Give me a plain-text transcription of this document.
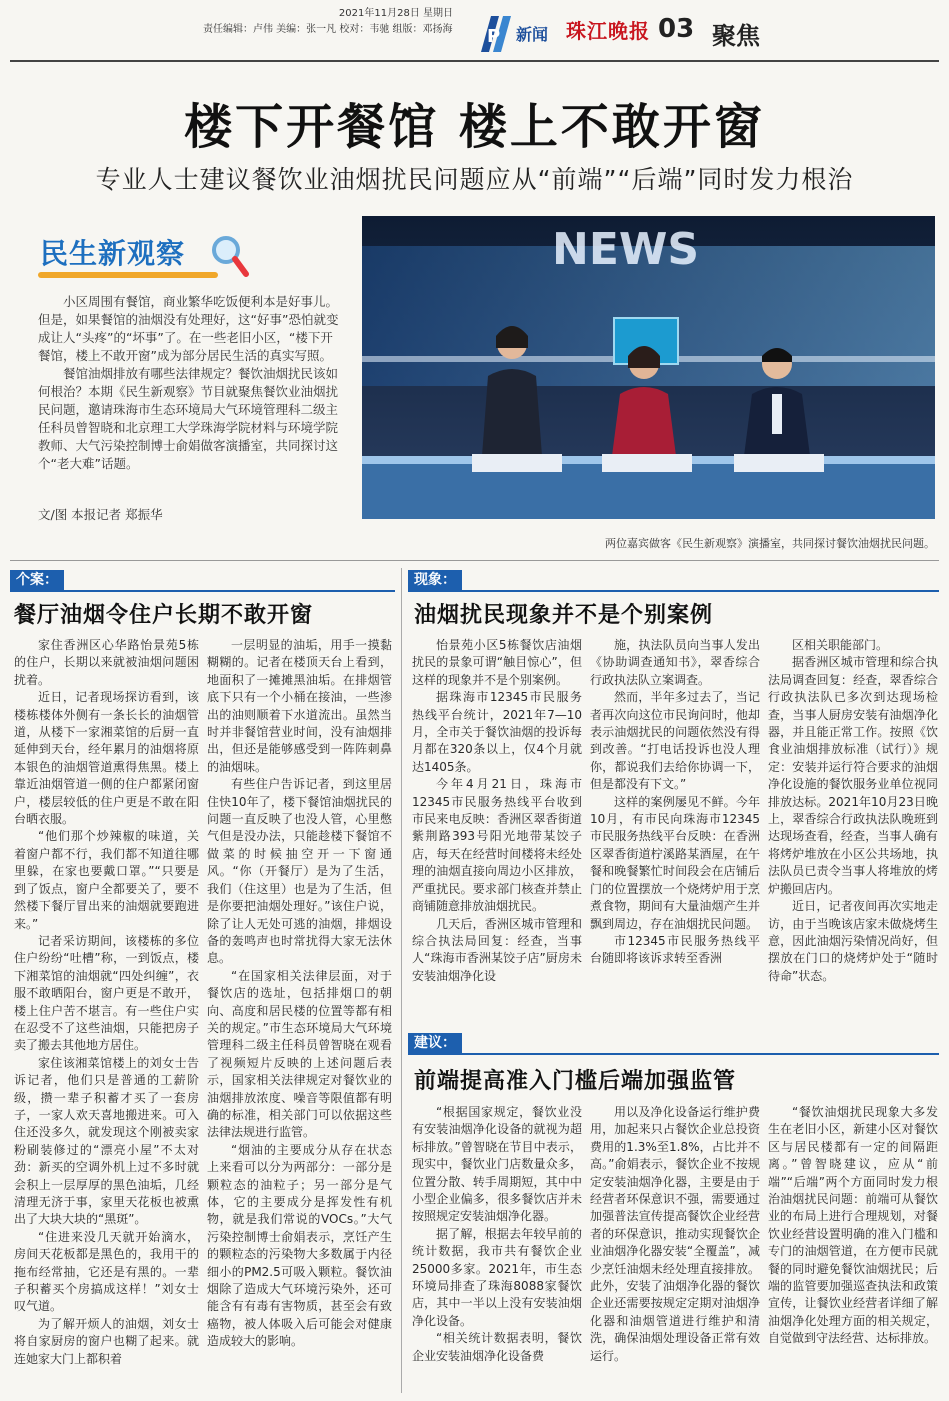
2021年11月28日 星期日
责任编辑：卢伟 美编：张一凡 校对：韦驰 组版：邓扬海 P 新闻 珠江晚报 03 聚焦
楼下开餐馆 楼上不敢开窗
专业人士建议餐饮业油烟扰民问题应从“前端”“后端”同时发力根治
民生新观察

小区周围有餐馆，商业繁华吃饭便利本是好事儿。但是，如果餐馆的油烟没有处理好，这“好事”恐怕就变成让人“头疼”的“坏事”了。在一些老旧小区，“楼下开餐馆，楼上不敢开窗”成为部分居民生活的真实写照。

餐馆油烟排放有哪些法律规定？餐饮油烟扰民该如何根治？本期《民生新观察》节目就聚焦餐饮业油烟扰民问题，邀请珠海市生态环境局大气环境管理科二级主任科员曾智晓和北京理工大学珠海学院材料与环境学院教师、大气污染控制博士俞娟做客演播室，共同探讨这个“老大难”话题。

文/图 本报记者 郑振华
NEWS
两位嘉宾做客《民生新观察》演播室，共同探讨餐饮油烟扰民问题。
个案：
餐厅油烟令住户长期不敢开窗

家住香洲区心华路怡景苑5栋的住户，长期以来就被油烟问题困扰着。

近日，记者现场探访看到，该楼栋楼体外侧有一条长长的油烟管道，从楼下一家湘菜馆的后厨一直延伸到天台，经年累月的油烟将原本银色的油烟管道熏得焦黑。楼上靠近油烟管道一侧的住户都紧闭窗户，楼层较低的住户更是不敢在阳台晒衣服。

“他们那个炒辣椒的味道，关着窗户都不行，我们都不知道往哪里躲，在家也要戴口罩。”“只要是到了饭点，窗户全都要关了，要不然楼下餐厅冒出来的油烟就要跑进来。”

记者采访期间，该楼栋的多位住户纷纷“吐槽”称，一到饭点，楼下湘菜馆的油烟就“四处纠缠”，衣服不敢晒阳台，窗户更是不敢开，楼上住户苦不堪言。有一些住户实在忍受不了这些油烟，只能把房子卖了搬去其他地方居住。

家住该湘菜馆楼上的刘女士告诉记者，他们只是普通的工薪阶级，攒一辈子积蓄才买了一套房子，一家人欢天喜地搬进来。可入住还没多久，就发现这个刚被卖家粉刷装修过的“漂亮小屋”不太对劲：新买的空调外机上过不多时就会积上一层厚厚的黑色油垢，几经清理无济于事，家里天花板也被熏出了大块大块的“黑斑”。

“住进来没几天就开始滴水，房间天花板都是黑色的，我用干的拖布经常抽，它还是有黑的。一辈子积蓄买个房搞成这样！”刘女士叹气道。

为了解开烦人的油烟，刘女士将自家厨房的窗户也糊了起来。就连她家大门上都积着

一层明显的油垢，用手一摸黏糊糊的。记者在楼顶天台上看到，地面积了一摊摊黑油垢。在排烟管底下只有一个小桶在接油，一些渗出的油则顺着下水道流出。虽然当时并非餐馆营业时间，没有油烟排出，但还是能够感受到一阵阵刺鼻的油烟味。

有些住户告诉记者，到这里居住快10年了，楼下餐馆油烟扰民的问题一直反映了也没人管，心里憋气但是没办法，只能趁楼下餐馆不做菜的时候抽空开一下窗通风。“你（开餐厅）是为了生活，我们（住这里）也是为了生活，但是你要把油烟处理好。”该住户说，除了让人无处可逃的油烟，排烟设备的轰鸣声也时常扰得大家无法休息。

“在国家相关法律层面，对于餐饮店的选址，包括排烟口的朝向、高度和居民楼的位置等都有相关的规定。”市生态环境局大气环境管理科二级主任科员曾智晓在观看了视频短片反映的上述问题后表示，国家相关法律规定对餐饮业的油烟排放浓度、噪音等限值都有明确的标准，相关部门可以依据这些法律法规进行监管。

“烟油的主要成分从存在状态上来看可以分为两部分：一部分是颗粒态的油粒子；另一部分是气体，它的主要成分是挥发性有机物，就是我们常说的VOCs。”大气污染控制博士俞娟表示，烹饪产生的颗粒态的污染物大多数属于内径细小的PM2.5可吸入颗粒。餐饮油烟除了造成大气环境污染外，还可能含有有毒有害物质，甚至会有致癌物，被人体吸入后可能会对健康造成较大的影响。

现象：
油烟扰民现象并不是个别案例

怡景苑小区5栋餐饮店油烟扰民的景象可谓“触目惊心”，但这样的现象并不是个别案例。

据珠海市12345市民服务热线平台统计，2021年7—10月，全市关于餐饮油烟的投诉每月都在320条以上，仅4个月就达1405条。

今年4月21日，珠海市12345市民服务热线平台收到市民来电反映：香洲区翠香街道紫荆路393号阳光地带某饺子店，每天在经营时间楼将未经处理的油烟直接向周边小区排放，严重扰民。要求部门核查并禁止商铺随意排放油烟扰民。

几天后，香洲区城市管理和综合执法局回复：经查，当事人“珠海市香洲某饺子店”厨房未安装油烟净化设

施，执法队员向当事人发出《协助调查通知书》，翠香综合行政执法队立案调查。

然而，半年多过去了，当记者再次向这位市民询问时，他却表示油烟扰民的问题依然没有得到改善。“打电话投诉也没人理你，都说我们去给你协调一下，但是都没有下文。”

这样的案例屡见不鲜。今年10月，有市民向珠海市12345市民服务热线平台反映：在香洲区翠香街道柠溪路某酒屋，在午餐和晚餐繁忙时间段会在店铺后门的位置摆放一个烧烤炉用于烹煮食物，期间有大量油烟产生并飘到周边，存在油烟扰民问题。

市12345市民服务热线平台随即将该诉求转至香洲

区相关职能部门。

据香洲区城市管理和综合执法局调查回复：经查，翠香综合行政执法队已多次到达现场检查，当事人厨房安装有油烟净化器，并且能正常工作。按照《饮食业油烟排放标准（试行）》规定：安装并运行符合要求的油烟净化设施的餐饮服务业单位视同排放达标。2021年10月23日晚上，翠香综合行政执法队晚班到达现场查看，经查，当事人确有将烤炉堆放在小区公共场地，执法队员已责令当事人将堆放的烤炉搬回店内。

近日，记者夜间再次实地走访，由于当晚该店家未做烧烤生意，因此油烟污染情况尚好，但摆放在门口的烧烤炉处于“随时待命”状态。

建议：
前端提高准入门槛后端加强监管

“根据国家规定，餐饮业没有安装油烟净化设备的就视为超标排放。”曾智晓在节目中表示，现实中，餐饮业门店数量众多，位置分散、转手周期短，其中中小型企业偏多，很多餐饮店并未按照规定安装油烟净化器。

据了解，根据去年较早前的统计数据，我市共有餐饮企业25000多家。2021年，市生态环境局排查了珠海8088家餐饮店，其中一半以上没有安装油烟净化设备。

“相关统计数据表明，餐饮企业安装油烟净化设备费

用以及净化设备运行维护费用，加起来只占餐饮企业总投资费用的1.3%至1.8%，占比并不高。”俞娟表示，餐饮企业不按规定安装油烟净化器，主要是由于经营者环保意识不强，需要通过加强普法宣传提高餐饮企业经营者的环保意识，推动实现餐饮企业油烟净化器安装“全覆盖”，减少烹饪油烟未经处理直接排放。此外，安装了油烟净化器的餐饮企业还需要按规定定期对油烟净化器和油烟管道进行维护和清洗，确保油烟处理设备正常有效运行。

“餐饮油烟扰民现象大多发生在老旧小区，新建小区对餐饮区与居民楼都有一定的间隔距离。”曾智晓建议，应从“前端”“后端”两个方面同时发力根治油烟扰民问题：前端可从餐饮业的布局上进行合理规划，对餐饮业经营设置明确的准入门槛和专门的油烟管道，在方便市民就餐的同时避免餐饮油烟扰民；后端的监管要加强巡查执法和政策宣传，让餐饮业经营者详细了解油烟净化处理方面的相关规定，自觉做到守法经营、达标排放。
